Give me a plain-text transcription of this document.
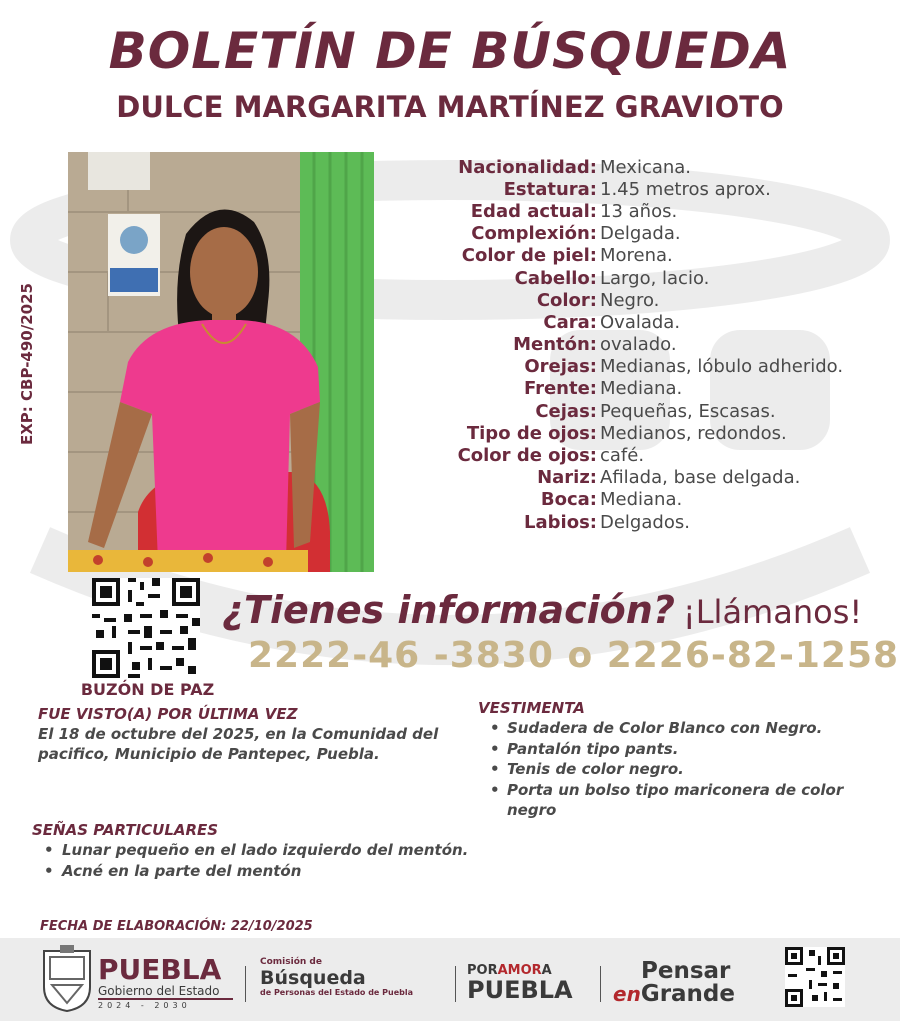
BOLETÍN DE BÚSQUEDA
DULCE MARGARITA MARTÍNEZ GRAVIOTO
EXP: CBP-490/2025
Nacionalidad: Mexicana.
Estatura: 1.45 metros aprox.
Edad actual: 13 años.
Complexión: Delgada.
Color de piel: Morena.
Cabello: Largo, lacio.
Color: Negro.
Cara: Ovalada.
Mentón: ovalado.
Orejas: Medianas, lóbulo adherido.
Frente: Mediana.
Cejas: Pequeñas, Escasas.
Tipo de ojos: Medianos, redondos.
Color de ojos: café.
Nariz: Afilada, base delgada.
Boca: Mediana.
Labios: Delgados.
BUZÓN DE PAZ
¿Tienes información? ¡Llámanos!
2222-46 -3830 o 2226-82-1258
FUE VISTO(A) POR ÚLTIMA VEZ
El 18 de octubre del 2025, en la Comunidad del pacifico, Municipio de Pantepec, Puebla.
VESTIMENTA
• Sudadera de Color Blanco con Negro.
• Pantalón tipo pants.
• Tenis de color negro.
• Porta un bolso tipo mariconera de color negro
SEÑAS PARTICULARES
• Lunar pequeño en el lado izquierdo del mentón.
• Acné en la parte del mentón
FECHA DE ELABORACIÓN: 22/10/2025
PUEBLA
Gobierno del Estado
2024 - 2030
Comisión de
Búsqueda
de Personas del Estado de Puebla
PORAMORA
PUEBLA
Pensar
enGrande
